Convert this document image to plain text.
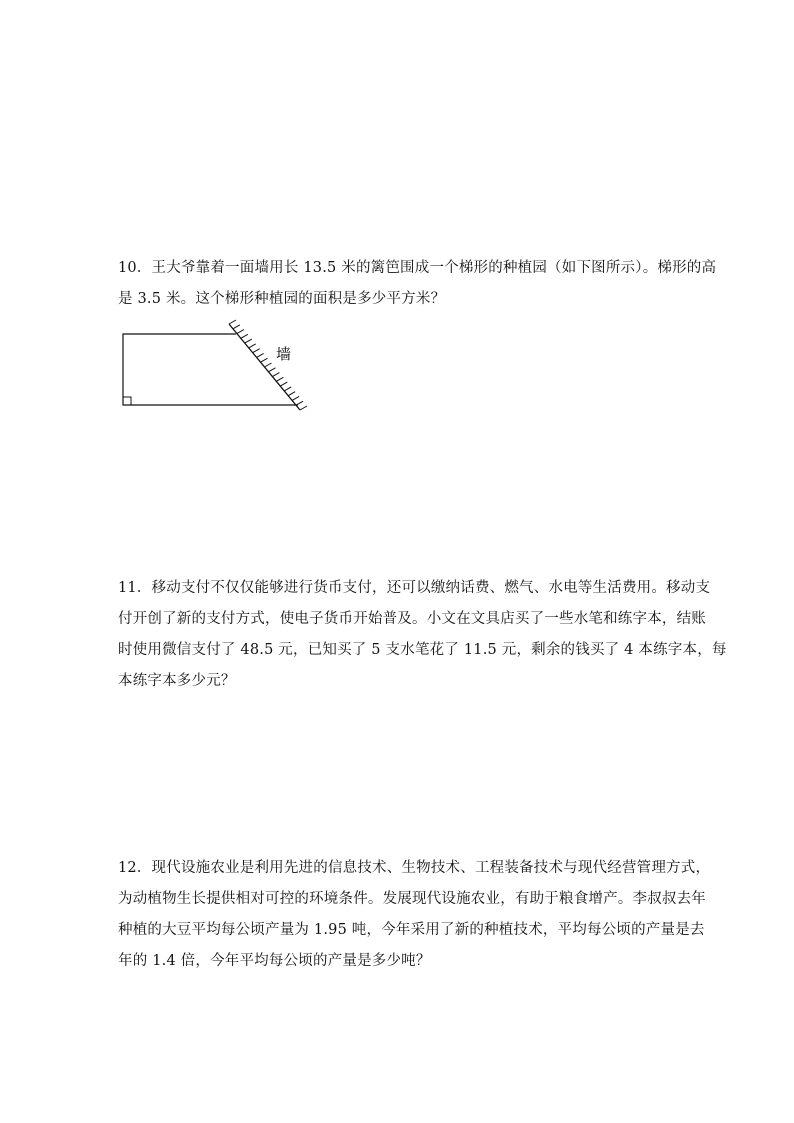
10．王大爷靠着一面墙用长 13.5 米的篱笆围成一个梯形的种植园（如下图所示）。梯形的高
是 3.5 米。这个梯形种植园的面积是多少平方米？
墙
11．移动支付不仅仅能够进行货币支付，还可以缴纳话费、燃气、水电等生活费用。移动支
付开创了新的支付方式，使电子货币开始普及。小文在文具店买了一些水笔和练字本，结账
时使用微信支付了 48.5 元，已知买了 5 支水笔花了 11.5 元，剩余的钱买了 4 本练字本，每
本练字本多少元？
12．现代设施农业是利用先进的信息技术、生物技术、工程装备技术与现代经营管理方式，
为动植物生长提供相对可控的环境条件。发展现代设施农业，有助于粮食增产。李叔叔去年
种植的大豆平均每公顷产量为 1.95 吨，今年采用了新的种植技术，平均每公顷的产量是去
年的 1.4 倍，今年平均每公顷的产量是多少吨？
